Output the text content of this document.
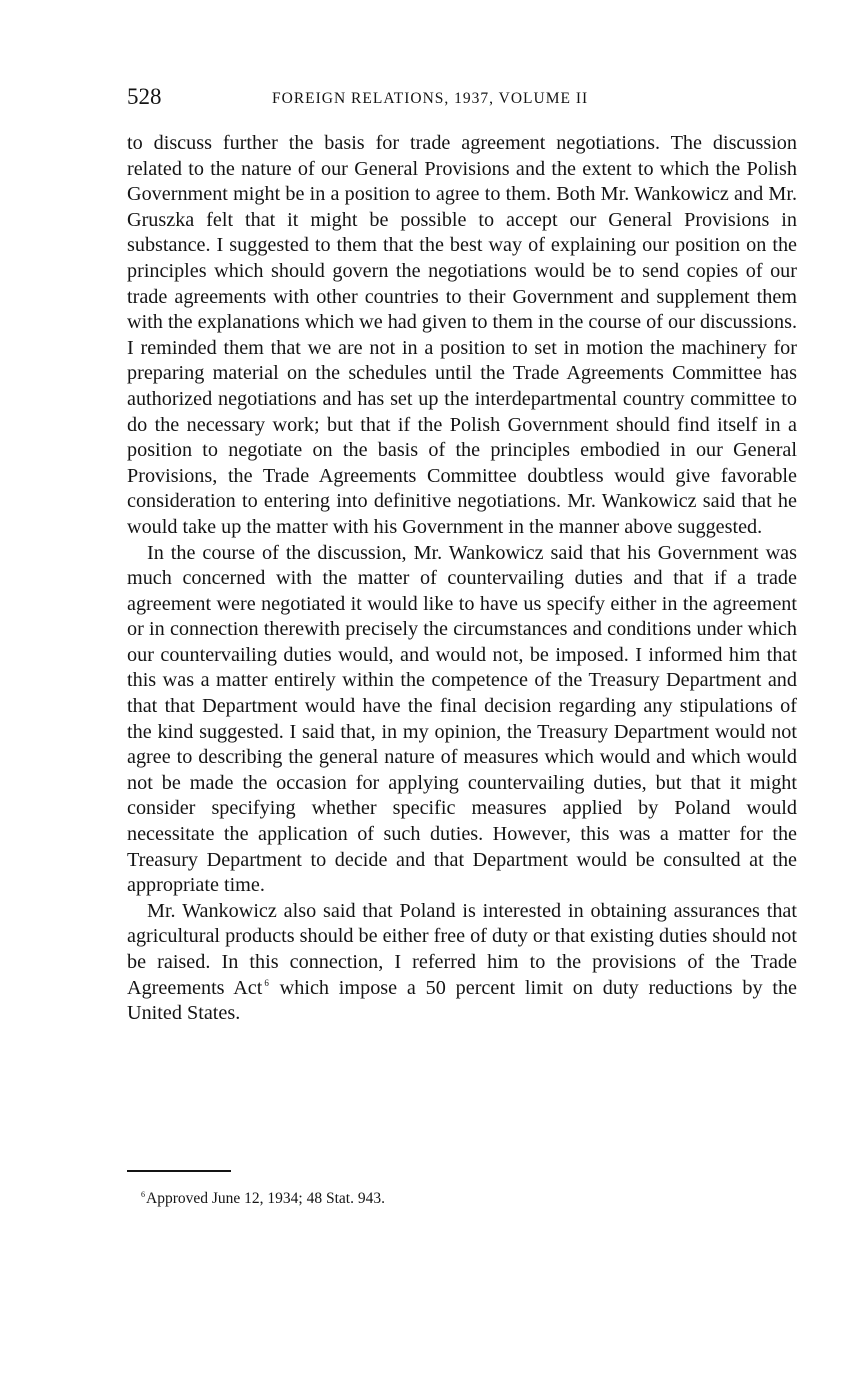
528	FOREIGN RELATIONS, 1937, VOLUME II

to discuss further the basis for trade agreement negotiations. The discussion related to the nature of our General Provisions and the extent to which the Polish Government might be in a position to agree to them. Both Mr. Wankowicz and Mr. Gruszka felt that it might be possible to accept our General Provisions in substance. I suggested to them that the best way of explaining our position on the principles which should govern the negotiations would be to send copies of our trade agreements with other countries to their Government and supplement them with the explanations which we had given to them in the course of our discussions. I reminded them that we are not in a position to set in motion the machinery for preparing material on the schedules until the Trade Agreements Committee has authorized negotiations and has set up the interdepartmental country committee to do the necessary work; but that if the Polish Government should find itself in a position to negotiate on the basis of the principles embodied in our General Provisions, the Trade Agreements Committee doubtless would give favorable consideration to entering into definitive negotiations. Mr. Wankowicz said that he would take up the matter with his Government in the manner above suggested.

In the course of the discussion, Mr. Wankowicz said that his Government was much concerned with the matter of countervailing duties and that if a trade agreement were negotiated it would like to have us specify either in the agreement or in connection therewith precisely the circumstances and conditions under which our countervailing duties would, and would not, be imposed. I informed him that this was a matter entirely within the competence of the Treasury Department and that that Department would have the final decision regarding any stipulations of the kind suggested. I said that, in my opinion, the Treasury Department would not agree to describing the general nature of measures which would and which would not be made the occasion for applying countervailing duties, but that it might consider specifying whether specific measures applied by Poland would necessitate the application of such duties. However, this was a matter for the Treasury Department to decide and that Department would be consulted at the appropriate time.

Mr. Wankowicz also said that Poland is interested in obtaining assurances that agricultural products should be either free of duty or that existing duties should not be raised. In this connection, I referred him to the provisions of the Trade Agreements Act $^6$ which impose a 50 percent limit on duty reductions by the United States.

$^6$Approved June 12, 1934; 48 Stat. 943.
